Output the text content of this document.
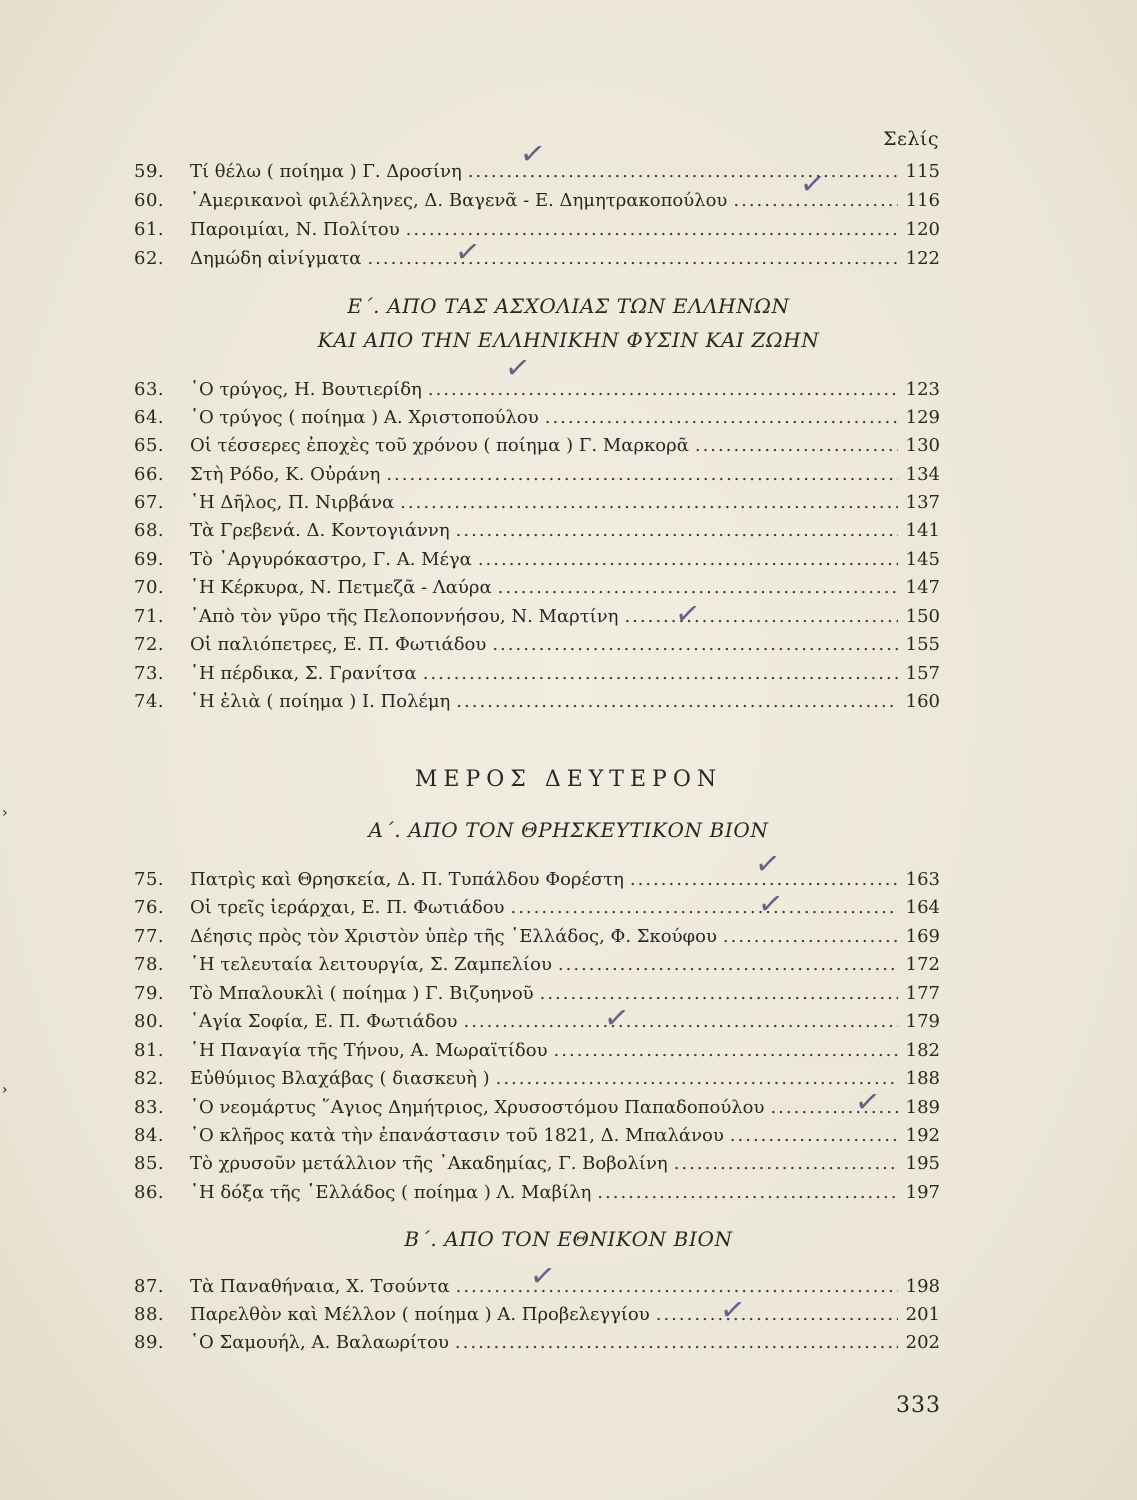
Σελίς
59.	Τί θέλω ( ποίημα ) Γ. Δροσίνη .....	115
60.	᾿Αμερικανοὶ φιλέλληνες, Δ. Βαγενᾶ - Ε. Δημητρακοπούλου .....	116
61.	Παροιμίαι, Ν. Πολίτου .....	120
62.	Δημώδη αἰνίγματα .....	122
Ε΄. ΑΠΟ ΤΑΣ ΑΣΧΟΛΙΑΣ ΤΩΝ ΕΛΛΗΝΩΝ
ΚΑΙ ΑΠΟ ΤΗΝ ΕΛΛΗΝΙΚΗΝ ΦΥΣΙΝ ΚΑΙ ΖΩΗΝ
63.	῾Ο τρύγος, Η. Βουτιερίδη .....	123
64.	῾Ο τρύγος ( ποίημα ) Α. Χριστοπούλου .....	129
65.	Οἱ τέσσερες ἐποχὲς τοῦ χρόνου ( ποίημα ) Γ. Μαρκορᾶ .....	130
66.	Στὴ Ρόδο, Κ. Οὐράνη .....	134
67.	῾Η Δῆλος, Π. Νιρβάνα .....	137
68.	Τὰ Γρεβενά. Δ. Κοντογιάννη .....	141
69.	Τὸ ᾿Αργυρόκαστρο, Γ. Α. Μέγα .....	145
70.	῾Η Κέρκυρα, Ν. Πετμεζᾶ - Λαύρα .....	147
71.	᾿Απὸ τὸν γῦρο τῆς Πελοποννήσου, Ν. Μαρτίνη .....	150
72.	Οἱ παλιόπετρες, Ε. Π. Φωτιάδου .....	155
73.	῾Η πέρδικα, Σ. Γρανίτσα .....	157
74.	῾Η ἐλιὰ ( ποίημα ) Ι. Πολέμη .....	160
ΜΕΡΟΣ ΔΕΥΤΕΡΟΝ
Α΄. ΑΠΟ ΤΟΝ ΘΡΗΣΚΕΥΤΙΚΟΝ ΒΙΟΝ
75.	Πατρὶς καὶ Θρησκεία, Δ. Π. Τυπάλδου Φορέστη .....	163
76.	Οἱ τρεῖς ἱεράρχαι, Ε. Π. Φωτιάδου .....	164
77.	Δέησις πρὸς τὸν Χριστὸν ὑπὲρ τῆς ῾Ελλάδος, Φ. Σκούφου .....	169
78.	῾Η τελευταία λειτουργία, Σ. Ζαμπελίου .....	172
79.	Τὸ Μπαλουκλὶ ( ποίημα ) Γ. Βιζυηνοῦ .....	177
80.	῾Αγία Σοφία, Ε. Π. Φωτιάδου .....	179
81.	῾Η Παναγία τῆς Τήνου, Α. Μωραϊτίδου .....	182
82.	Εὐθύμιος Βλαχάβας ( διασκευὴ ) .....	188
83.	῾Ο νεομάρτυς ῞Αγιος Δημήτριος, Χρυσοστόμου Παπαδοπούλου .....	189
84.	῾Ο κλῆρος κατὰ τὴν ἐπανάστασιν τοῦ 1821, Δ. Μπαλάνου .....	192
85.	Τὸ χρυσοῦν μετάλλιον τῆς ᾿Ακαδημίας, Γ. Βοβολίνη .....	195
86.	῾Η δόξα τῆς ῾Ελλάδος ( ποίημα ) Λ. Μαβίλη .....	197
Β΄. ΑΠΟ ΤΟΝ ΕΘΝΙΚΟΝ ΒΙΟΝ
87.	Τὰ Παναθήναια, Χ. Τσούντα .....	198
88.	Παρελθὸν καὶ Μέλλον ( ποίημα ) Α. Προβελεγγίου .....	201
89.	῾Ο Σαμουήλ, Α. Βαλαωρίτου .....	202
333
✓
✓
✓
✓
✓
✓
✓
✓
✓
✓
✓
›
›
